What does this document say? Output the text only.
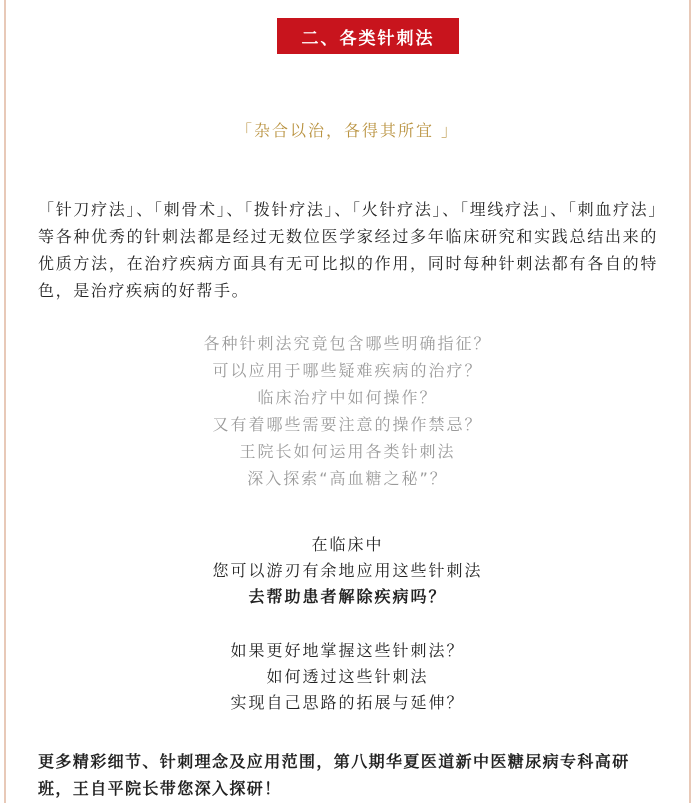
二、各类针刺法
「杂合以治，各得其所宜 」

「针刀疗法」、「刺骨术」、「拨针疗法」、「火针疗法」、「埋线疗法」、「刺血疗法」等各种优秀的针刺法都是经过无数位医学家经过多年临床研究和实践总结出来的优质方法，在治疗疾病方面具有无可比拟的作用，同时每种针刺法都有各自的特色，是治疗疾病的好帮手。

各种针刺法究竟包含哪些明确指征？
可以应用于哪些疑难疾病的治疗？
临床治疗中如何操作？
又有着哪些需要注意的操作禁忌？
王院长如何运用各类针刺法
深入探索“高血糖之秘”？
在临床中
您可以游刃有余地应用这些针刺法
去帮助患者解除疾病吗？
如果更好地掌握这些针刺法？
如何透过这些针刺法
实现自己思路的拓展与延伸？

更多精彩细节、针刺理念及应用范围，第八期华夏医道新中医糖尿病专科高研班，王自平院长带您深入探研！
